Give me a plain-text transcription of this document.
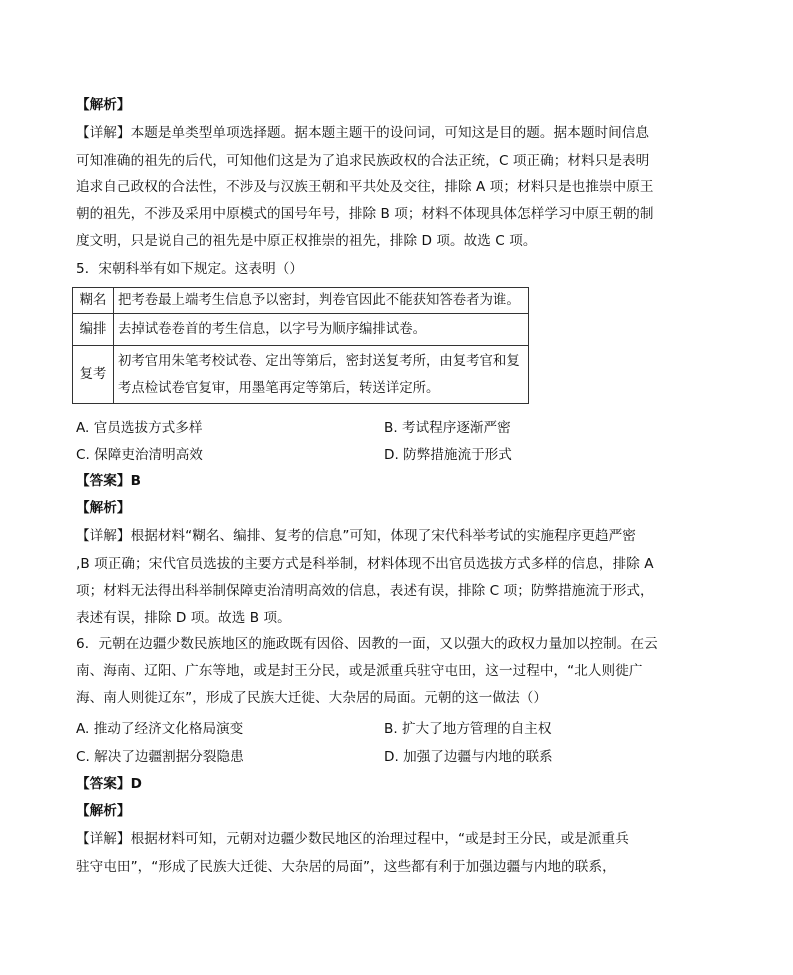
【解析】
【详解】本题是单类型单项选择题。据本题主题干的设问词，可知这是目的题。据本题时间信息
可知准确的祖先的后代，可知他们这是为了追求民族政权的合法正统，C 项正确；材料只是表明
追求自己政权的合法性，不涉及与汉族王朝和平共处及交往，排除 A 项；材料只是也推崇中原王
朝的祖先，不涉及采用中原模式的国号年号，排除 B 项；材料不体现具体怎样学习中原王朝的制
度文明，只是说自己的祖先是中原正权推崇的祖先，排除 D 项。故选 C 项。
5．宋朝科举有如下规定。这表明（）
糊名	把考卷最上端考生信息予以密封，判卷官因此不能获知答卷者为谁。
编排	去掉试卷卷首的考生信息，以字号为顺序编排试卷。
复考	初考官用朱笔考校试卷、定出等第后，密封送复考所，由复考官和复考点检试卷官复审，用墨笔再定等第后，转送详定所。
A. 官员选拔方式多样	B. 考试程序逐渐严密
C. 保障吏治清明高效	D. 防弊措施流于形式
【答案】B
【解析】
【详解】根据材料“糊名、编排、复考的信息”可知，体现了宋代科举考试的实施程序更趋严密
,B 项正确；宋代官员选拔的主要方式是科举制，材料体现不出官员选拔方式多样的信息，排除 A
项；材料无法得出科举制保障吏治清明高效的信息，表述有误，排除 C 项；防弊措施流于形式，
表述有误，排除 D 项。故选 B 项。
6．元朝在边疆少数民族地区的施政既有因俗、因教的一面，又以强大的政权力量加以控制。在云
南、海南、辽阳、广东等地，或是封王分民，或是派重兵驻守屯田，这一过程中，“北人则徙广
海、南人则徙辽东”，形成了民族大迁徙、大杂居的局面。元朝的这一做法（）
A. 推动了经济文化格局演变	B. 扩大了地方管理的自主权
C. 解决了边疆割据分裂隐患	D. 加强了边疆与内地的联系
【答案】D
【解析】
【详解】根据材料可知，元朝对边疆少数民地区的治理过程中，“或是封王分民，或是派重兵
驻守屯田”，“形成了民族大迁徙、大杂居的局面”，这些都有利于加强边疆与内地的联系，
